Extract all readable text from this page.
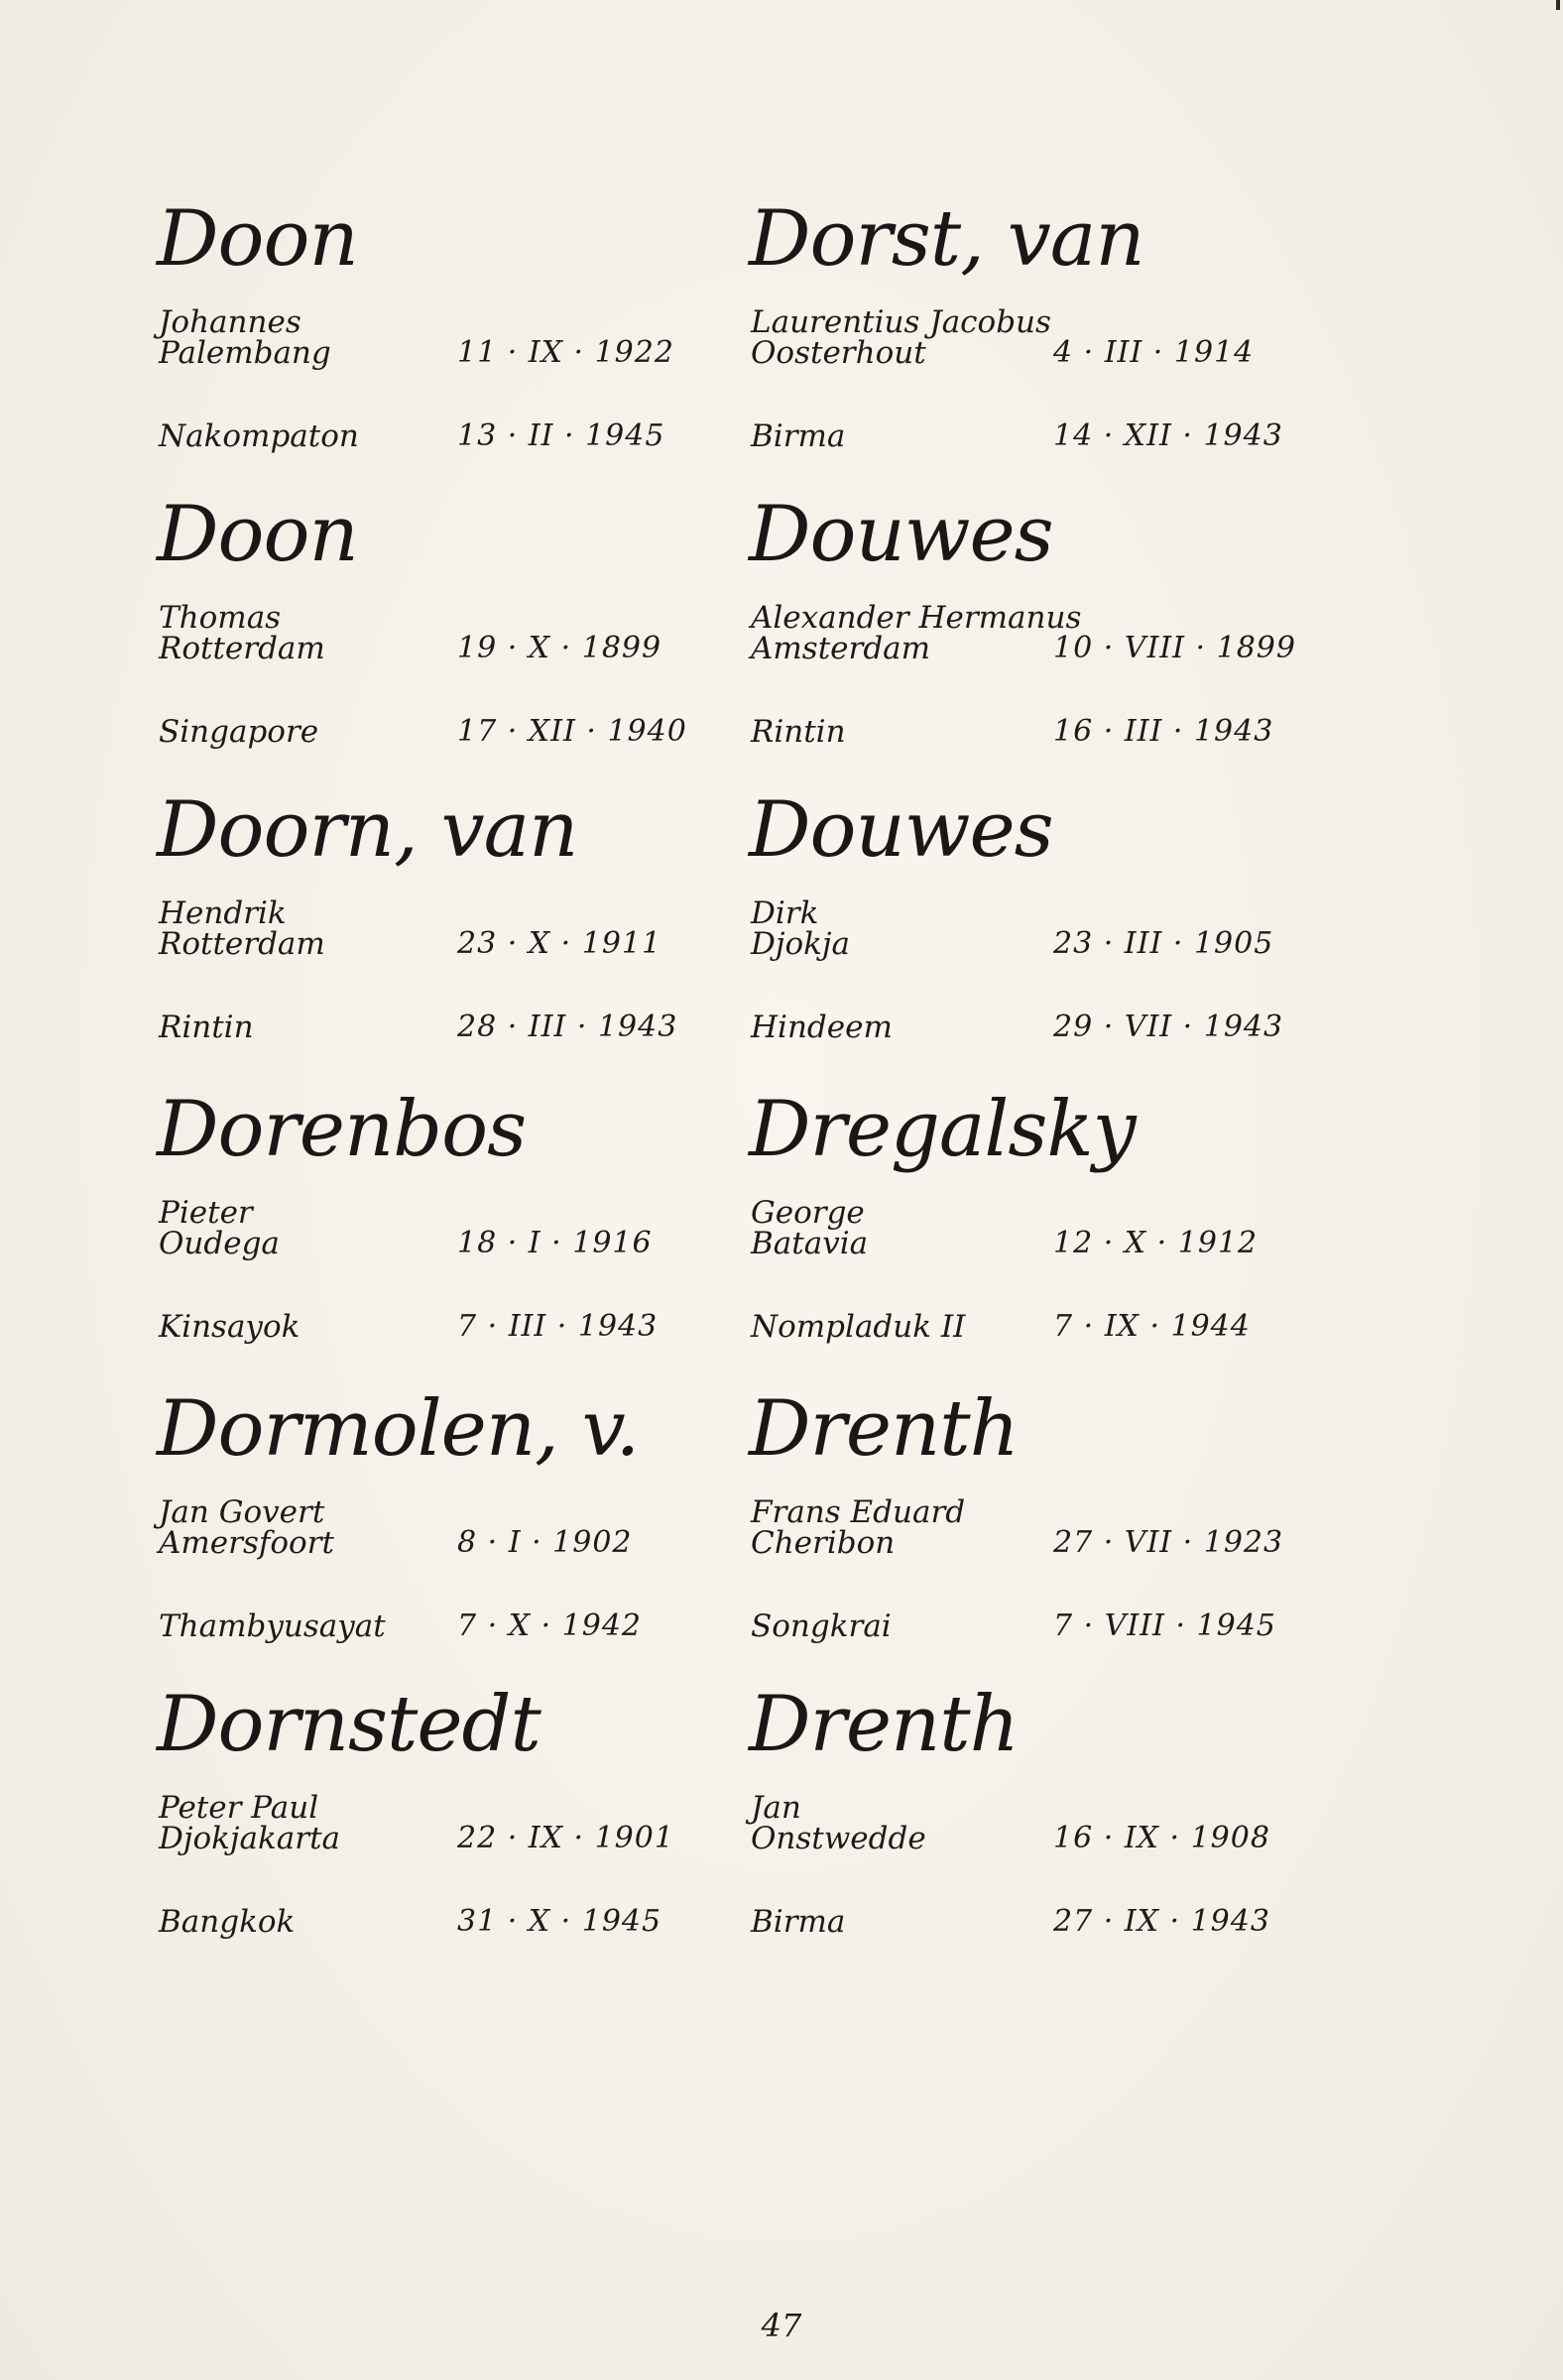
Doon
Johannes
Palembang	11 · IX · 1922
Nakompaton	13 · II · 1945
Doon
Thomas
Rotterdam	19 · X · 1899
Singapore	17 · XII · 1940
Doorn, van
Hendrik
Rotterdam	23 · X · 1911
Rintin	28 · III · 1943
Dorenbos
Pieter
Oudega	18 · I · 1916
Kinsayok	7 · III · 1943
Dormolen, v.
Jan Govert
Amersfoort	8 · I · 1902
Thambyusayat 7 · X · 1942
Dornstedt
Peter Paul
Djokjakarta	22 · IX · 1901
Bangkok	31 · X · 1945
Dorst, van
Laurentius Jacobus
Oosterhout	4 · III · 1914
Birma	14 · XII · 1943
Douwes
Alexander Hermanus
Amsterdam	10 · VIII · 1899
Rintin	16 · III · 1943
Douwes
Dirk
Djokja	23 · III · 1905
Hindeem	29 · VII · 1943
Dregalsky
George
Batavia	12 · X · 1912
Nompladuk II	7 · IX · 1944
Drenth
Frans Eduard
Cheribon	27 · VII · 1923
Songkrai	7 · VIII · 1945
Drenth
Jan
Onstwedde	16 · IX · 1908
Birma	27 · IX · 1943
47
